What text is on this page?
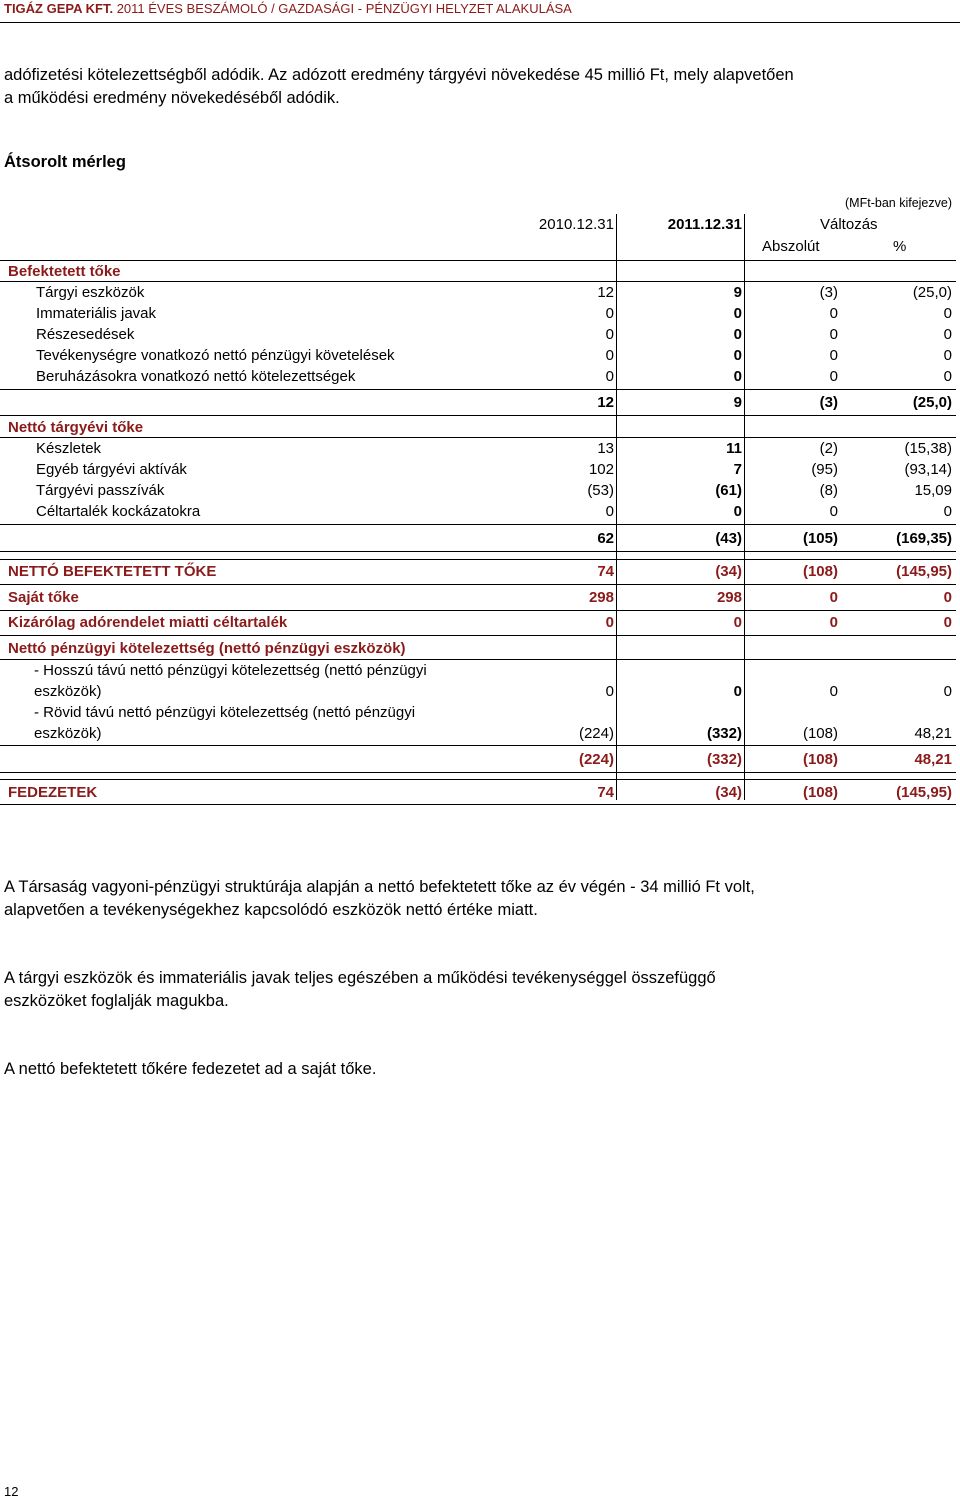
TIGÁZ GEPA KFT. 2011 ÉVES BESZÁMOLÓ / GAZDASÁGI - PÉNZÜGYI HELYZET ALAKULÁSA
adófizetési kötelezettségből adódik. Az adózott eredmény tárgyévi növekedése 45 millió Ft, mely alapvetően
a működési eredmény növekedéséből adódik.
Átsorolt mérleg
(MFt-ban kifejezve)
2010.12.31	2011.12.31	Változás
Abszolút	%
Befektetett tőke
Tárgyi eszközök	12	9	(3)	(25,0)
Immateriális javak	0	0	0	0
Részesedések	0	0	0	0
Tevékenységre vonatkozó nettó pénzügyi követelések	0	0	0	0
Beruházásokra vonatkozó nettó kötelezettségek	0	0	0	0
12	9	(3)	(25,0)
Nettó tárgyévi tőke
Készletek	13	11	(2)	(15,38)
Egyéb tárgyévi aktívák	102	7	(95)	(93,14)
Tárgyévi passzívák	(53)	(61)	(8)	15,09
Céltartalék kockázatokra	0	0	0	0
62	(43)	(105)	(169,35)
NETTÓ BEFEKTETETT TŐKE	74	(34)	(108)	(145,95)
Saját tőke	298	298	0	0
Kizárólag adórendelet miatti céltartalék	0	0	0	0
Nettó pénzügyi kötelezettség (nettó pénzügyi eszközök)
- Hosszú távú nettó pénzügyi kötelezettség (nettó pénzügyi
eszközök)	0	0	0	0
- Rövid távú nettó pénzügyi kötelezettség (nettó pénzügyi
eszközök)	(224)	(332)	(108)	48,21
(224)	(332)	(108)	48,21
FEDEZETEK	74	(34)	(108)	(145,95)
A Társaság vagyoni-pénzügyi struktúrája alapján a nettó befektetett tőke az év végén - 34 millió Ft volt,
alapvetően a tevékenységekhez kapcsolódó eszközök nettó értéke miatt.
A tárgyi eszközök és immateriális javak teljes egészében a működési tevékenységgel összefüggő
eszközöket foglalják magukba.
A nettó befektetett tőkére fedezetet ad a saját tőke.
12
